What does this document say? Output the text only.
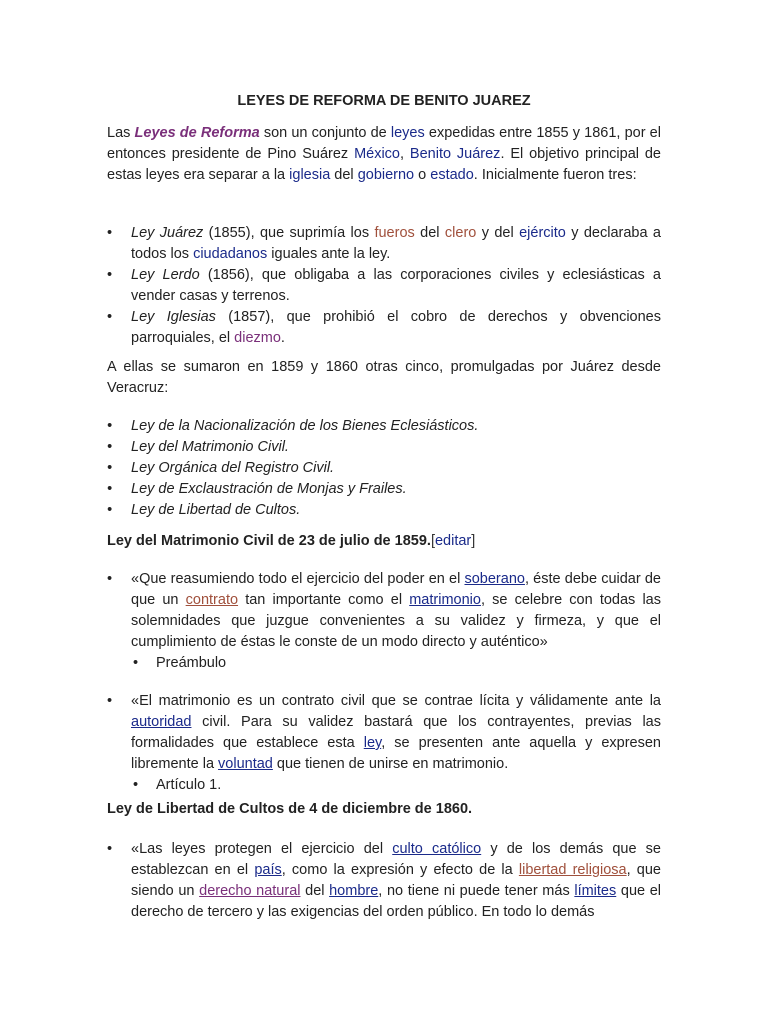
LEYES DE REFORMA DE BENITO JUAREZ

Las Leyes de Reforma son un conjunto de leyes expedidas entre 1855 y 1861, por el entonces presidente de Pino Suárez México, Benito Juárez. El objetivo principal de estas leyes era separar a la iglesia del gobierno o estado. Inicialmente fueron tres:

• Ley Juárez (1855), que suprimía los fueros del clero y del ejército y declaraba a todos los ciudadanos iguales ante la ley.
• Ley Lerdo (1856), que obligaba a las corporaciones civiles y eclesiásticas a vender casas y terrenos.
• Ley Iglesias (1857), que prohibió el cobro de derechos y obvenciones parroquiales, el diezmo.

A ellas se sumaron en 1859 y 1860 otras cinco, promulgadas por Juárez desde Veracruz:

• Ley de la Nacionalización de los Bienes Eclesiásticos.
• Ley del Matrimonio Civil.
• Ley Orgánica del Registro Civil.
• Ley de Exclaustración de Monjas y Frailes.
• Ley de Libertad de Cultos.
Ley del Matrimonio Civil de 23 de julio de 1859.[editar]
• «Que reasumiendo todo el ejercicio del poder en el soberano, éste debe cuidar de que un contrato tan importante como el matrimonio, se celebre con todas las solemnidades que juzgue convenientes a su validez y firmeza, y que el cumplimiento de éstas le conste de un modo directo y auténtico»
• Preámbulo
• «El matrimonio es un contrato civil que se contrae lícita y válidamente ante la autoridad civil. Para su validez bastará que los contrayentes, previas las formalidades que establece esta ley, se presenten ante aquella y expresen libremente la voluntad que tienen de unirse en matrimonio.
• Artículo 1.
Ley de Libertad de Cultos de 4 de diciembre de 1860.
• «Las leyes protegen el ejercicio del culto católico y de los demás que se establezcan en el país, como la expresión y efecto de la libertad religiosa, que siendo un derecho natural del hombre, no tiene ni puede tener más límites que el derecho de tercero y las exigencias del orden público. En todo lo demás
